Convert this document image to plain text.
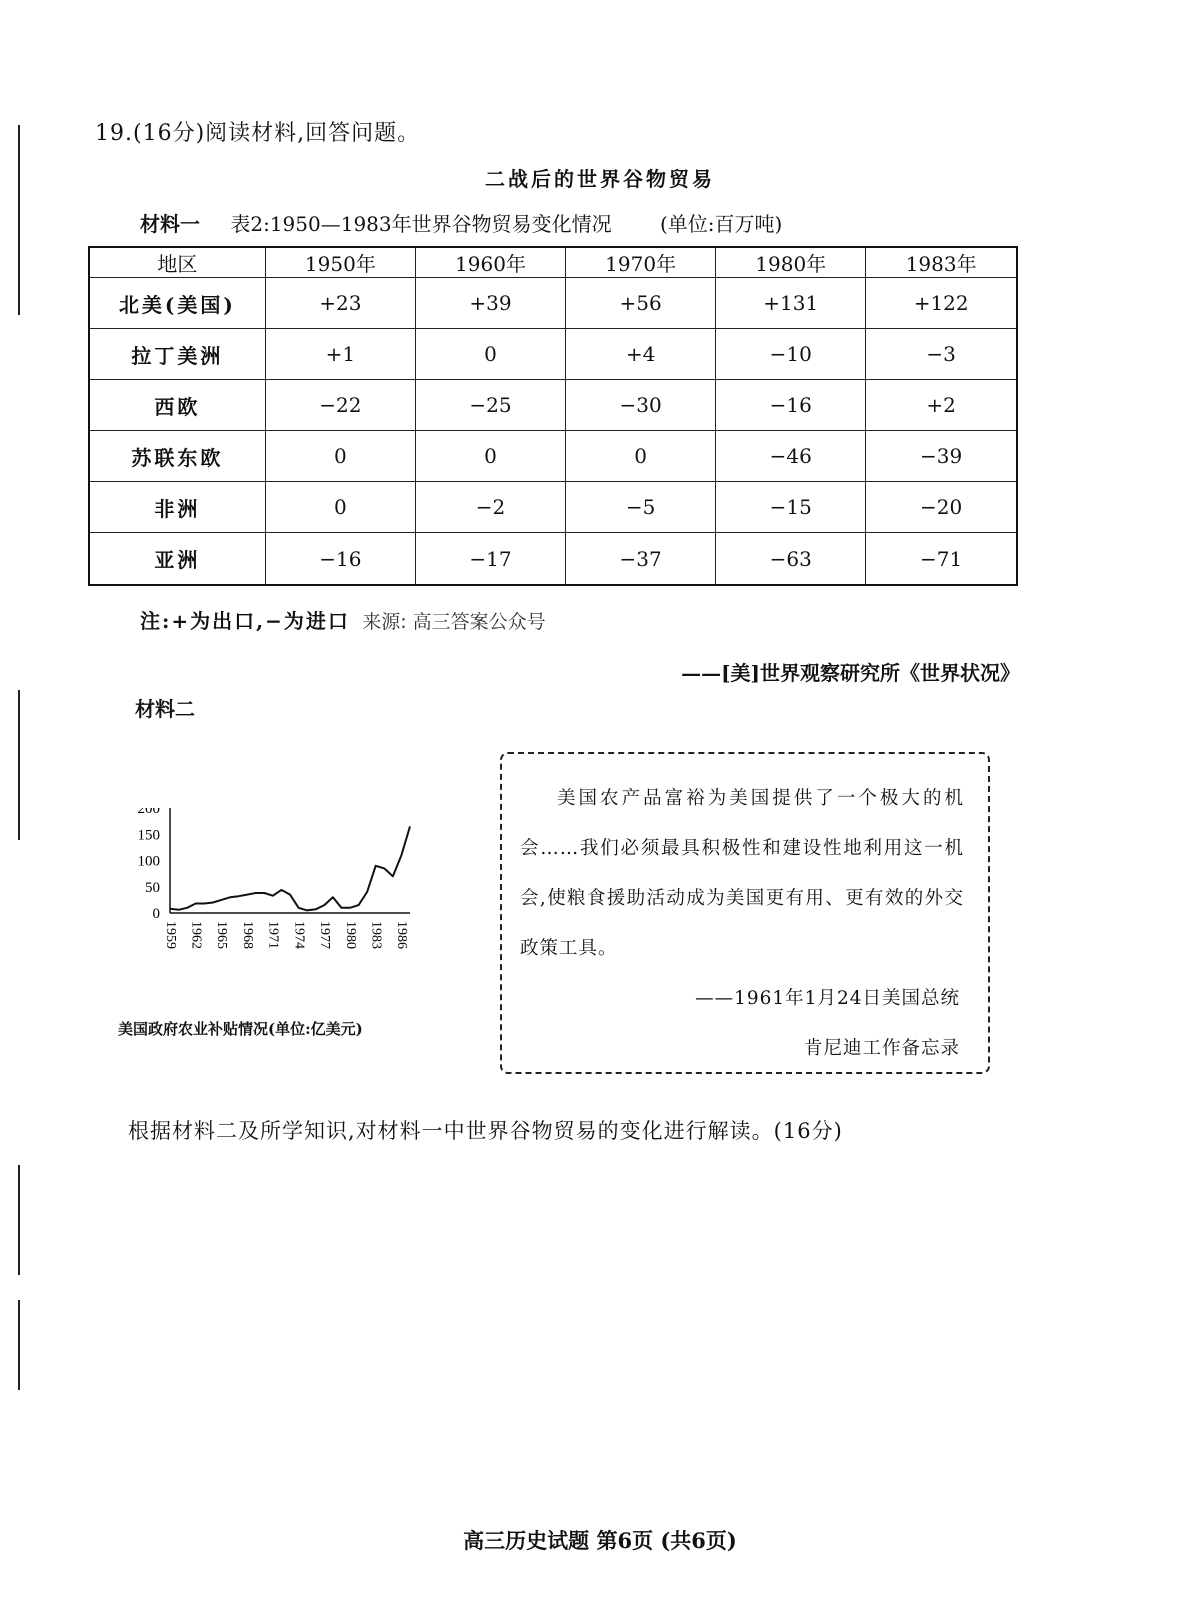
19.(16分)阅读材料,回答问题。
二战后的世界谷物贸易
材料一 表2:1950—1983年世界谷物贸易变化情况 (单位:百万吨)
地区	1950年	1960年	1970年	1980年	1983年
北美(美国)	+23	+39	+56	+131	+122
拉丁美洲	+1	0	+4	−10	−3
西欧	−22	−25	−30	−16	+2
苏联东欧	0	0	0	−46	−39
非洲	0	−2	−5	−15	−20
亚洲	−16	−17	−37	−63	−71
注:+为出口,−为进口 来源: 高三答案公众号
——[美]世界观察研究所《世界状况》
材料二
200
150
100
50
0
1959 1962 1965 1968 1971 1974 1977 1980 1983 1986
美国政府农业补贴情况(单位:亿美元)
美国农产品富裕为美国提供了一个极大的机会……我们必须最具积极性和建设性地利用这一机会,使粮食援助活动成为美国更有用、更有效的外交政策工具。
——1961年1月24日美国总统
肯尼迪工作备忘录
根据材料二及所学知识,对材料一中世界谷物贸易的变化进行解读。(16分)
高三历史试题 第6页 (共6页)
